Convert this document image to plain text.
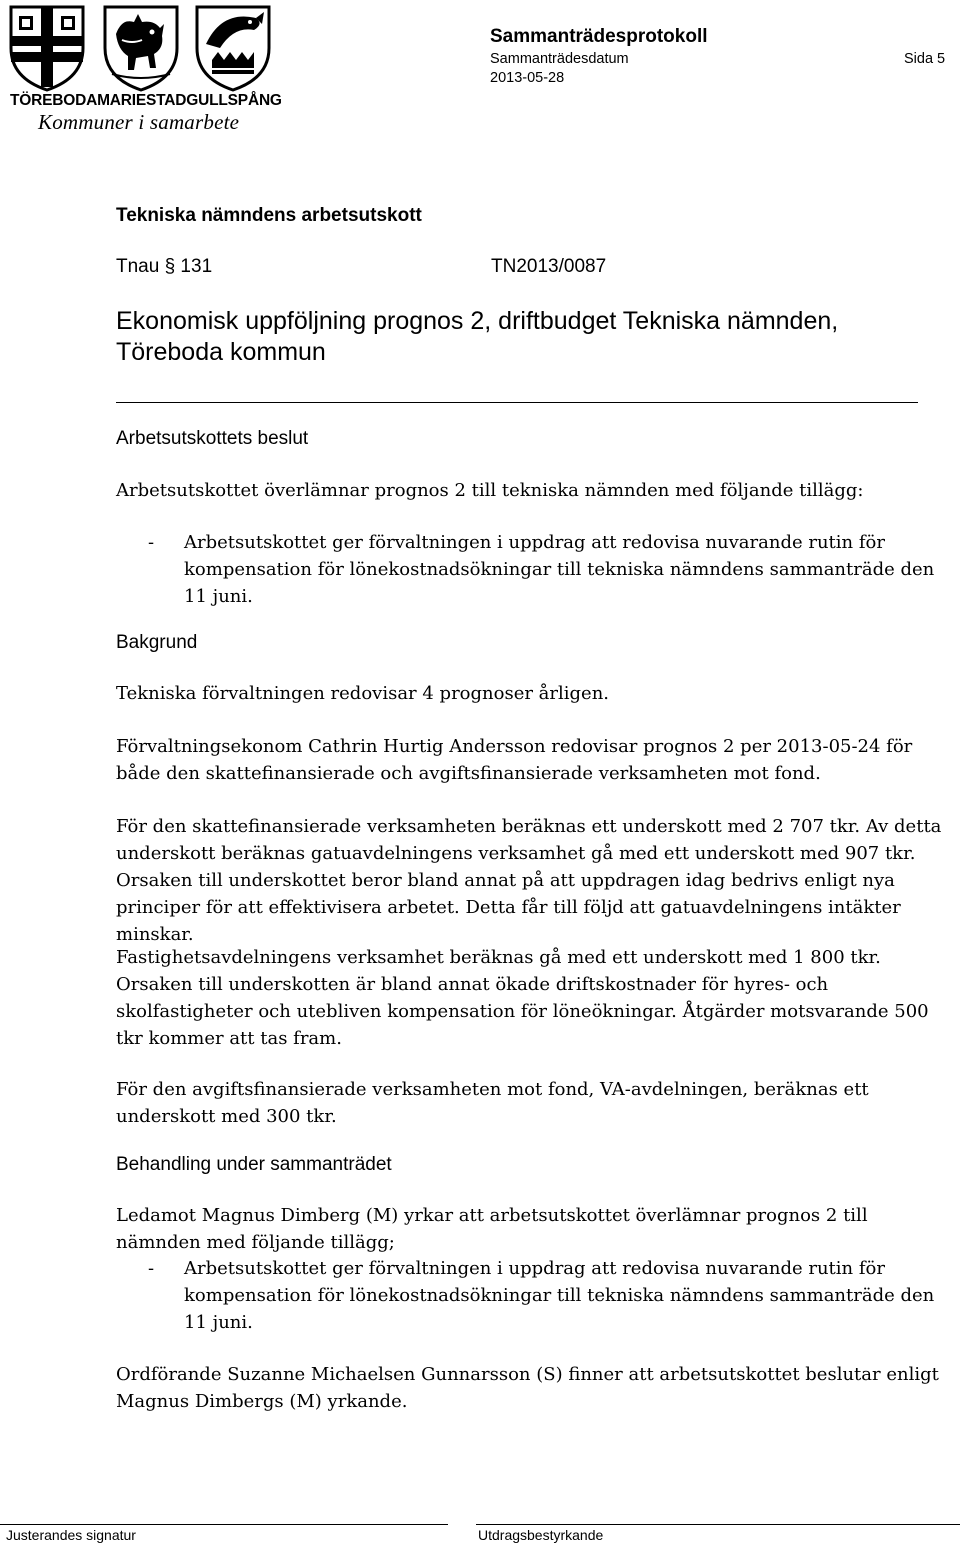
TÖREBODA MARIESTAD GULLSPÅNG
Kommuner i samarbete
Sammanträdesprotokoll
Sammanträdesdatum
2013-05-28
Sida 5
Tekniska nämndens arbetsutskott
Tnau § 131	TN2013/0087
Ekonomisk uppföljning prognos 2, driftbudget Tekniska nämnden, Töreboda kommun
Arbetsutskottets beslut
Arbetsutskottet överlämnar prognos 2 till tekniska nämnden med följande tillägg:
- Arbetsutskottet ger förvaltningen i uppdrag att redovisa nuvarande rutin för kompensation för lönekostnadsökningar till tekniska nämndens sammanträde den 11 juni.
Bakgrund
Tekniska förvaltningen redovisar 4 prognoser årligen.
Förvaltningsekonom Cathrin Hurtig Andersson redovisar prognos 2 per 2013-05-24 för både den skattefinansierade och avgiftsfinansierade verksamheten mot fond.
För den skattefinansierade verksamheten beräknas ett underskott med 2 707 tkr. Av detta underskott beräknas gatuavdelningens verksamhet gå med ett underskott med 907 tkr. Orsaken till underskottet beror bland annat på att uppdragen idag bedrivs enligt nya principer för att effektivisera arbetet. Detta får till följd att gatuavdelningens intäkter minskar.
Fastighetsavdelningens verksamhet beräknas gå med ett underskott med 1 800 tkr. Orsaken till underskotten är bland annat ökade driftskostnader för hyres- och skolfastigheter och utebliven kompensation för löneökningar. Åtgärder motsvarande 500 tkr kommer att tas fram.
För den avgiftsfinansierade verksamheten mot fond, VA-avdelningen, beräknas ett underskott med 300 tkr.
Behandling under sammanträdet
Ledamot Magnus Dimberg (M) yrkar att arbetsutskottet överlämnar prognos 2 till nämnden med följande tillägg;
- Arbetsutskottet ger förvaltningen i uppdrag att redovisa nuvarande rutin för kompensation för lönekostnadsökningar till tekniska nämndens sammanträde den 11 juni.
Ordförande Suzanne Michaelsen Gunnarsson (S) finner att arbetsutskottet beslutar enligt Magnus Dimbergs (M) yrkande.
Justerandes signatur	Utdragsbestyrkande
